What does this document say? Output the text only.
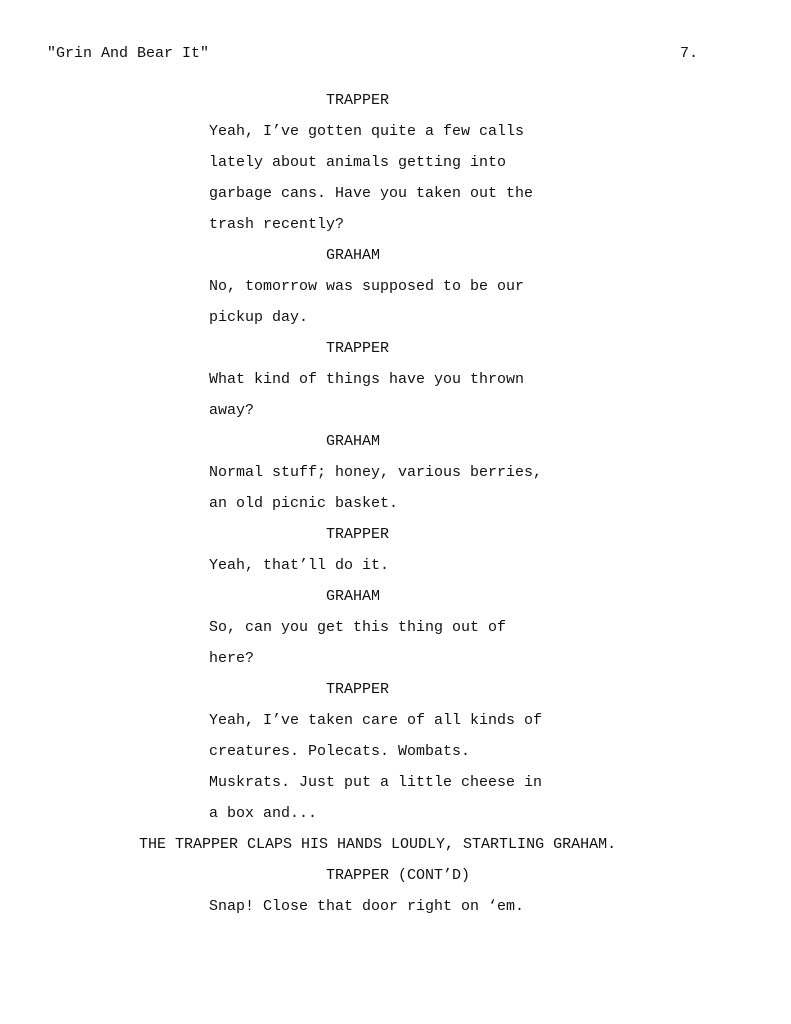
"Grin And Bear It"	7.
TRAPPER
Yeah, I’ve gotten quite a few calls
lately about animals getting into
garbage cans. Have you taken out the
trash recently?
GRAHAM
No, tomorrow was supposed to be our
pickup day.
TRAPPER
What kind of things have you thrown
away?
GRAHAM
Normal stuff; honey, various berries,
an old picnic basket.
TRAPPER
Yeah, that’ll do it.
GRAHAM
So, can you get this thing out of
here?
TRAPPER
Yeah, I’ve taken care of all kinds of
creatures. Polecats. Wombats.
Muskrats. Just put a little cheese in
a box and...
THE TRAPPER CLAPS HIS HANDS LOUDLY, STARTLING GRAHAM.
TRAPPER (CONT’D)
Snap! Close that door right on ‘em.
